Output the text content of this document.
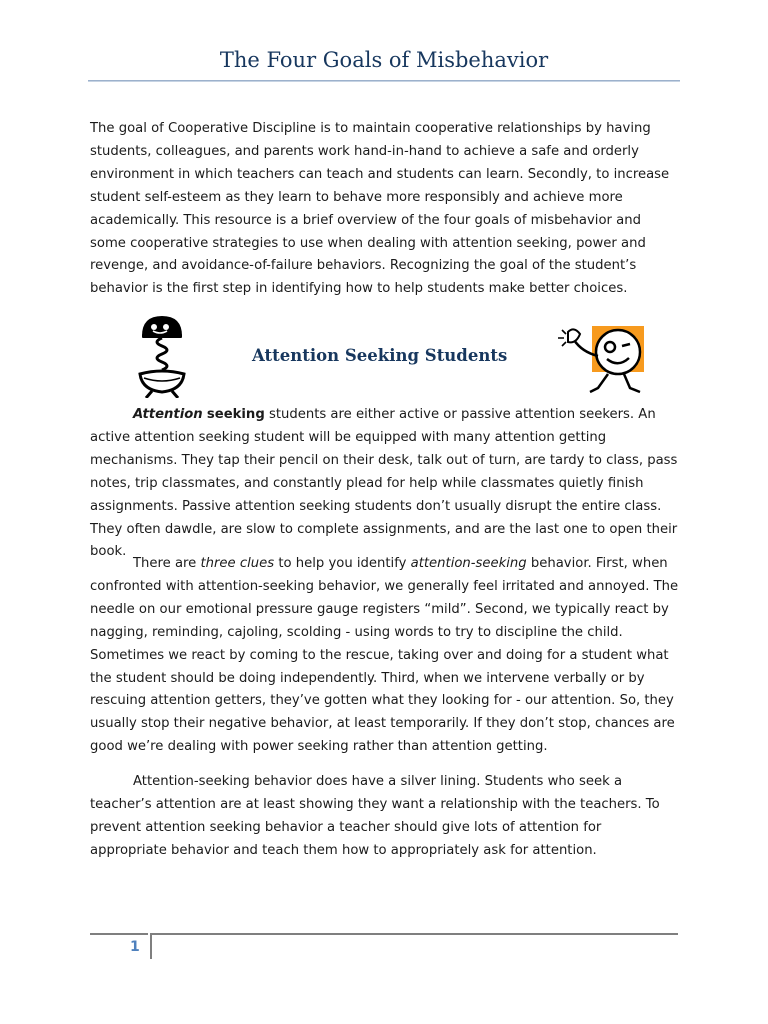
The Four Goals of Misbehavior

The goal of Cooperative Discipline is to maintain cooperative relationships by having students, colleagues, and parents work hand-in-hand to achieve a safe and orderly environment in which teachers can teach and students can learn. Secondly, to increase student self-esteem as they learn to behave more responsibly and achieve more academically. This resource is a brief overview of the four goals of misbehavior and some cooperative strategies to use when dealing with attention seeking, power and revenge, and avoidance-of-failure behaviors. Recognizing the goal of the student’s behavior is the first step in identifying how to help students make better choices.

Attention Seeking Students

Attention seeking students are either active or passive attention seekers. An active attention seeking student will be equipped with many attention getting mechanisms. They tap their pencil on their desk, talk out of turn, are tardy to class, pass notes, trip classmates, and constantly plead for help while classmates quietly finish assignments. Passive attention seeking students don’t usually disrupt the entire class. They often dawdle, are slow to complete assignments, and are the last one to open their book.

There are three clues to help you identify attention-seeking behavior. First, when confronted with attention-seeking behavior, we generally feel irritated and annoyed. The needle on our emotional pressure gauge registers “mild”. Second, we typically react by nagging, reminding, cajoling, scolding - using words to try to discipline the child. Sometimes we react by coming to the rescue, taking over and doing for a student what the student should be doing independently. Third, when we intervene verbally or by rescuing attention getters, they’ve gotten what they looking for - our attention. So, they usually stop their negative behavior, at least temporarily. If they don’t stop, chances are good we’re dealing with power seeking rather than attention getting.

Attention-seeking behavior does have a silver lining. Students who seek a teacher’s attention are at least showing they want a relationship with the teachers. To prevent attention seeking behavior a teacher should give lots of attention for appropriate behavior and teach them how to appropriately ask for attention.

1
